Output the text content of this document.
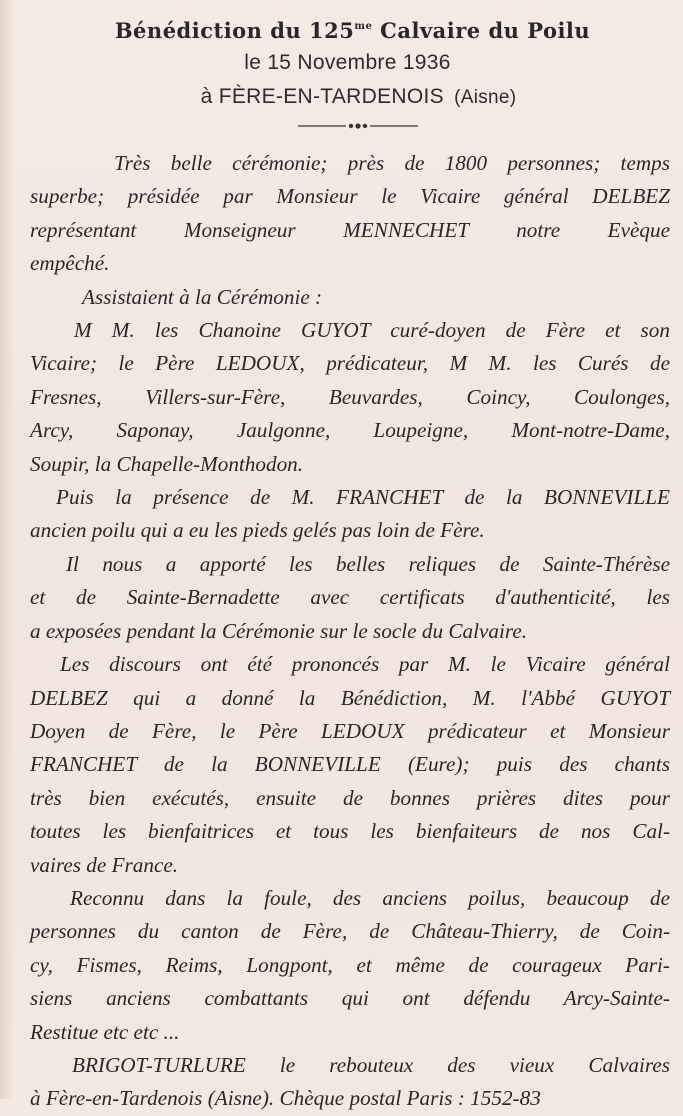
Bénédiction du $125^{me}$ Calvaire du Poilu
le 15 Novembre 1936
à FÈRE-EN-TARDENOIS (Aisne)

Très belle cérémonie; près de 1800 personnes; temps
superbe; présidée par Monsieur le Vicaire général DELBEZ
représentant Monseigneur MENNECHET notre Evèque
empêché.

Assistaient à la Cérémonie :

M M. les Chanoine GUYOT curé-doyen de Fère et son
Vicaire; le Père LEDOUX, prédicateur, M M. les Curés de
Fresnes, Villers-sur-Fère, Beuvardes, Coincy, Coulonges,
Arcy, Saponay, Jaulgonne, Loupeigne, Mont-notre-Dame,
Soupir, la Chapelle-Monthodon.

Puis la présence de M. FRANCHET de la BONNEVILLE
ancien poilu qui a eu les pieds gelés pas loin de Fère.

Il nous a apporté les belles reliques de Sainte-Thérèse
et de Sainte-Bernadette avec certificats d'authenticité, les
a exposées pendant la Cérémonie sur le socle du Calvaire.

Les discours ont été prononcés par M. le Vicaire général
DELBEZ qui a donné la Bénédiction, M. l'Abbé GUYOT
Doyen de Fère, le Père LEDOUX prédicateur et Monsieur
FRANCHET de la BONNEVILLE (Eure); puis des chants
très bien exécutés, ensuite de bonnes prières dites pour
toutes les bienfaitrices et tous les bienfaiteurs de nos Cal-
vaires de France.

Reconnu dans la foule, des anciens poilus, beaucoup de
personnes du canton de Fère, de Château-Thierry, de Coin-
cy, Fismes, Reims, Longpont, et même de courageux Pari-
siens anciens combattants qui ont défendu Arcy-Sainte-
Restitue etc etc ...

BRIGOT-TURLURE le rebouteux des vieux Calvaires
à Fère-en-Tardenois (Aisne). Chèque postal Paris : 1552-83
